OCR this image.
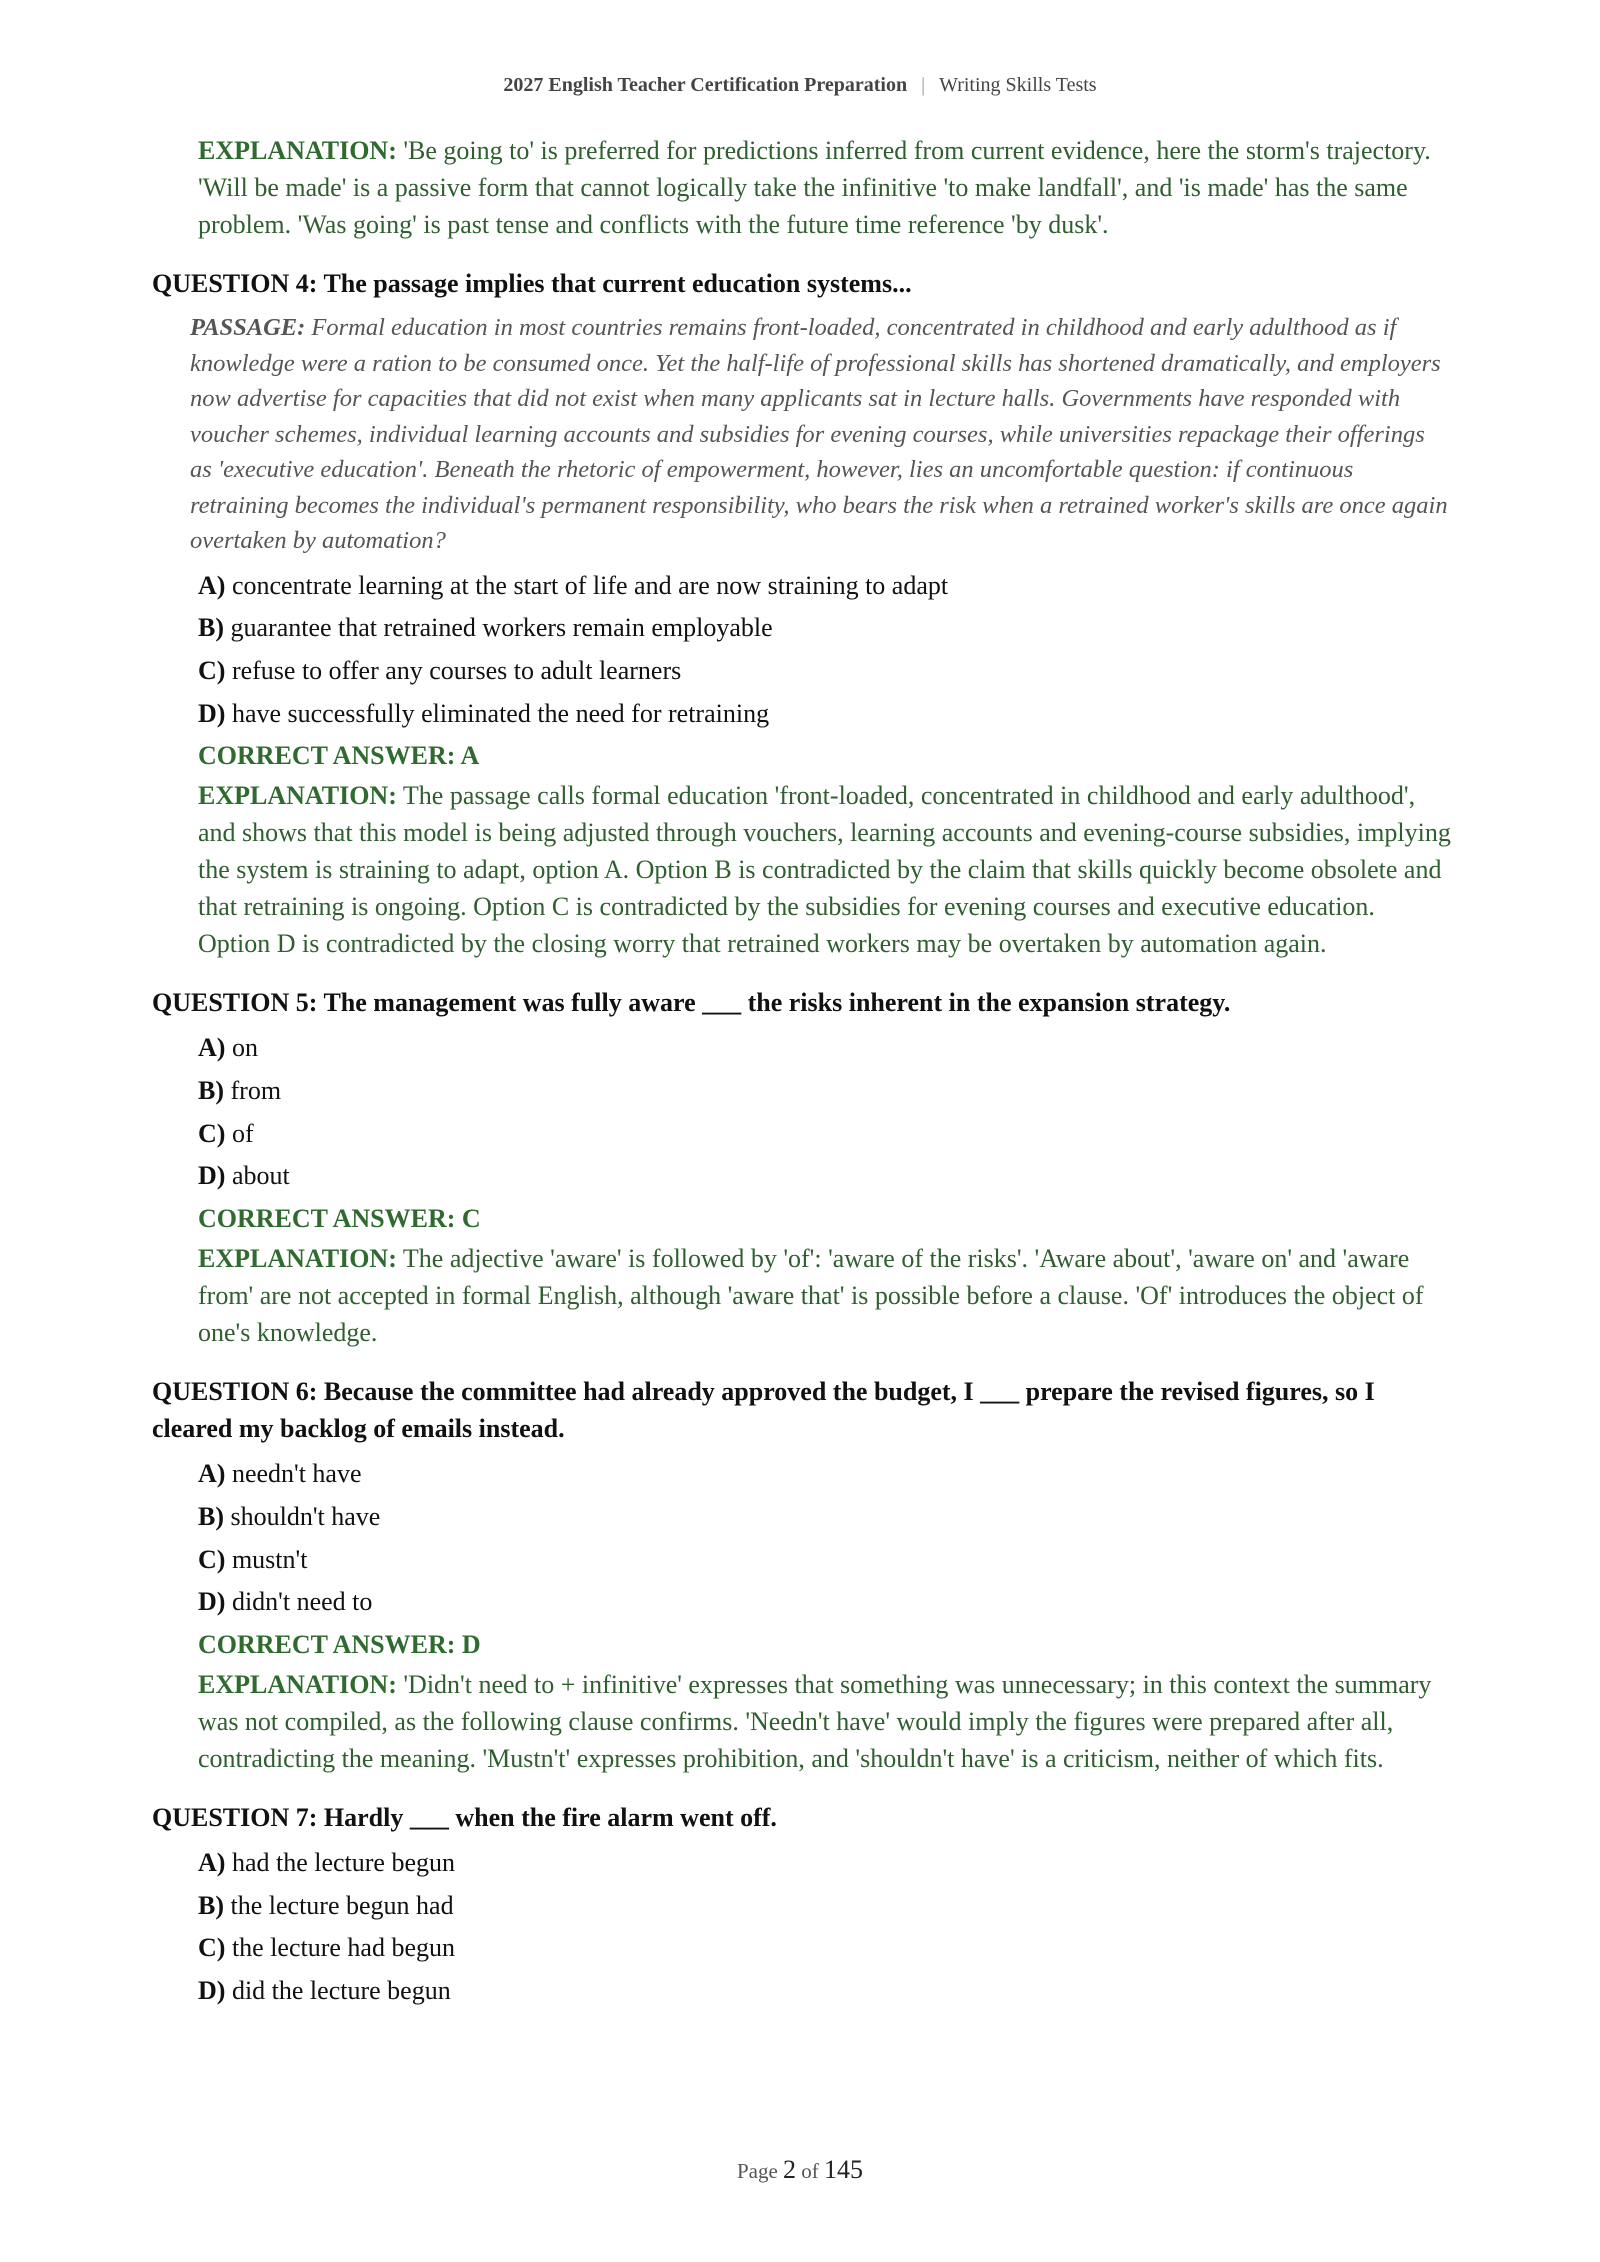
2027 English Teacher Certification Preparation | Writing Skills Tests
EXPLANATION: 'Be going to' is preferred for predictions inferred from current evidence, here the storm's trajectory. 'Will be made' is a passive form that cannot logically take the infinitive 'to make landfall', and 'is made' has the same problem. 'Was going' is past tense and conflicts with the future time reference 'by dusk'.
QUESTION 4: The passage implies that current education systems...
PASSAGE: Formal education in most countries remains front-loaded, concentrated in childhood and early adulthood as if knowledge were a ration to be consumed once. Yet the half-life of professional skills has shortened dramatically, and employers now advertise for capacities that did not exist when many applicants sat in lecture halls. Governments have responded with voucher schemes, individual learning accounts and subsidies for evening courses, while universities repackage their offerings as 'executive education'. Beneath the rhetoric of empowerment, however, lies an uncomfortable question: if continuous retraining becomes the individual's permanent responsibility, who bears the risk when a retrained worker's skills are once again overtaken by automation?
A) concentrate learning at the start of life and are now straining to adapt
B) guarantee that retrained workers remain employable
C) refuse to offer any courses to adult learners
D) have successfully eliminated the need for retraining
CORRECT ANSWER: A
EXPLANATION: The passage calls formal education 'front-loaded, concentrated in childhood and early adulthood', and shows that this model is being adjusted through vouchers, learning accounts and evening-course subsidies, implying the system is straining to adapt, option A. Option B is contradicted by the claim that skills quickly become obsolete and that retraining is ongoing. Option C is contradicted by the subsidies for evening courses and executive education. Option D is contradicted by the closing worry that retrained workers may be overtaken by automation again.
QUESTION 5: The management was fully aware ___ the risks inherent in the expansion strategy.
A) on
B) from
C) of
D) about
CORRECT ANSWER: C
EXPLANATION: The adjective 'aware' is followed by 'of': 'aware of the risks'. 'Aware about', 'aware on' and 'aware from' are not accepted in formal English, although 'aware that' is possible before a clause. 'Of' introduces the object of one's knowledge.
QUESTION 6: Because the committee had already approved the budget, I ___ prepare the revised figures, so I cleared my backlog of emails instead.
A) needn't have
B) shouldn't have
C) mustn't
D) didn't need to
CORRECT ANSWER: D
EXPLANATION: 'Didn't need to + infinitive' expresses that something was unnecessary; in this context the summary was not compiled, as the following clause confirms. 'Needn't have' would imply the figures were prepared after all, contradicting the meaning. 'Mustn't' expresses prohibition, and 'shouldn't have' is a criticism, neither of which fits.
QUESTION 7: Hardly ___ when the fire alarm went off.
A) had the lecture begun
B) the lecture begun had
C) the lecture had begun
D) did the lecture begun
Page 2 of 145
